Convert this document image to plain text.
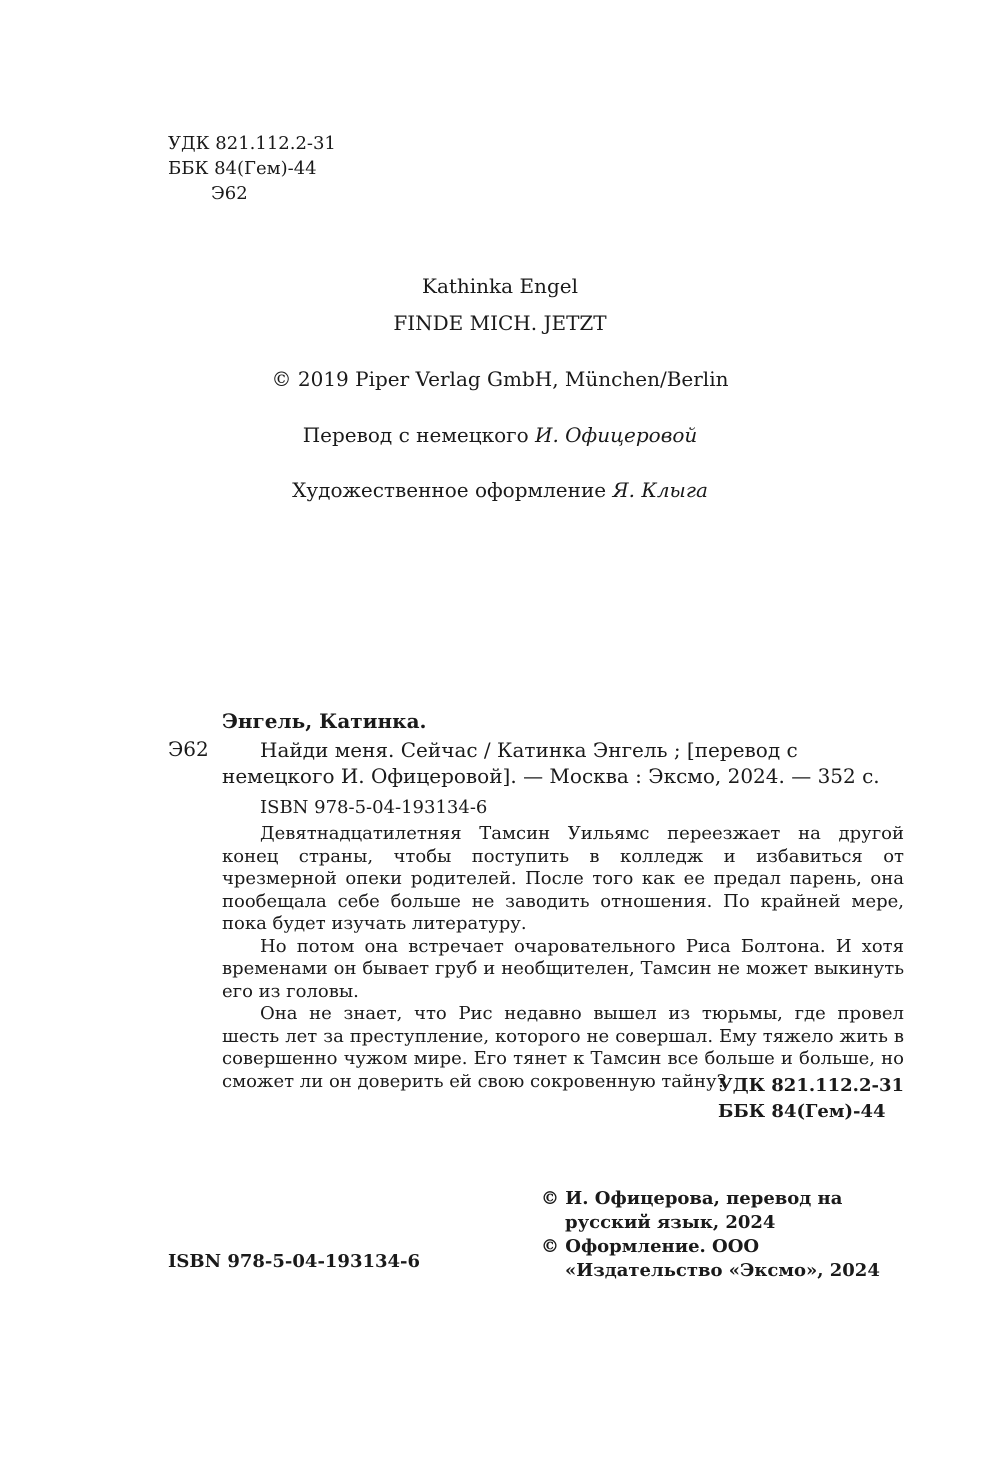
УДК 821.112.2-31
ББК 84(Гем)-44
Э62
Kathinka Engel
FINDE MICH. JETZT
© 2019 Piper Verlag GmbH, München/Berlin
Перевод с немецкого И. Офицеровой
Художественное оформление Я. Клыга
Энгель, Катинка.
Э62	Найди меня. Сейчас / Катинка Энгель ; [перевод с немецкого И. Офицеровой]. — Москва : Эксмо, 2024. — 352 с.

ISBN 978-5-04-193134-6

Девятнадцатилетняя Тамсин Уильямс переезжает на другой конец страны, чтобы поступить в колледж и избавиться от чрезмерной опеки родителей. После того как ее предал парень, она пообещала себе больше не заводить отношения. По крайней мере, пока будет изучать литературу.

Но потом она встречает очаровательного Риса Болтона. И хотя временами он бывает груб и необщителен, Тамсин не может выкинуть его из головы.

Она не знает, что Рис недавно вышел из тюрьмы, где провел шесть лет за преступление, которого не совершал. Ему тяжело жить в совершенно чужом мире. Его тянет к Тамсин все больше и больше, но сможет ли он доверить ей свою сокровенную тайну?

УДК 821.112.2-31
ББК 84(Гем)-44
ISBN 978-5-04-193134-6

© И. Офицерова, перевод на русский язык, 2024

© Оформление. ООО «Издательство «Эксмо», 2024
